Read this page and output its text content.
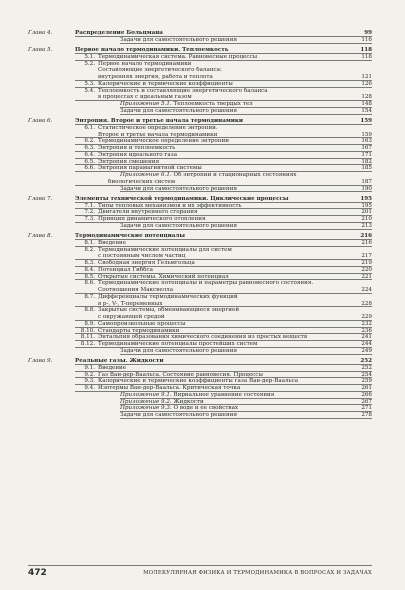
Глава 4.	Распределение Больцмана	99
Задачи для самостоятельного решения	116
Глава 5.	Первое начало термодинамики. Теплоемкость	118
5.1. Термодинамическая система. Равновесные процессы	118
5.2. Первое начало термодинамики
Составляющие энергетического баланса:
внутренняя энергия, работа и теплота	121
5.3. Калорические и термические коэффициенты	126
5.4. Теплоемкость и составляющие энергетического баланса
в процессах с идеальным газом	128
Приложение 5.1. Теплоемкость твердых тел	148
Задачи для самостоятельного решения	154
Глава 6.	Энтропия. Второе и третье начала термодинамики	159
6.1. Статистическое определение энтропии.
Второе и третье начала термодинамики	159
6.2. Термодинамическое определение энтропии	163
6.3. Энтропия и теплоемкость	167
6.4. Энтропия идеального газа	171
6.5. Энтропия смешения	182
6.6. Энтропия парамагнитной системы	185
Приложение 6.1. Об энтропии и стационарных состояниях
биологических систем	187
Задачи для самостоятельного решения	190
Глава 7.	Элементы технической термодинамики. Циклические процессы	195
7.1. Типы тепловых механизмов и их эффективность	195
7.2. Двигатели внутреннего сгорания	201
7.3. Принцип динамического отопления	210
Задачи для самостоятельного решения	213
Глава 8.	Термодинамические потенциалы	216
8.1. Введение	216
8.2. Термодинамические потенциалы для систем
с постоянным числом частиц	217
8.3. Свободная энергия Гельмгольца	219
8.4. Потенциал Гиббса	220
8.5. Открытые системы. Химический потенциал	221
8.6. Термодинамические потенциалы и параметры равновесного состояния.
Соотношения Максвелла	224
8.7. Дифференциалы термодинамических функций
в p-, V-, T-переменных	228
8.8. Закрытые системы, обменивающиеся энергией
с окружающей средой	229
8.9. Самопроизвольные процессы	232
8.10. Стандарты термодинамики	236
8.11. Энтальпия образования химического соединения из простых веществ	241
8.12. Термодинамические потенциалы простейших систем	244
Задачи для самостоятельного решения	249
Глава 9.	Реальные газы. Жидкости	252
9.1. Введение	252
9.2. Газ Ван-дер-Ваальса. Состояние равновесия. Процессы	254
9.3. Калорические и термические коэффициенты газа Ван-дер-Ваальса	259
9.4. Изотермы Ван-дер-Ваальса. Критическая точка	261
Приложение 9.1. Вириальное уравнение состояния	266
Приложение 9.2. Жидкости	267
Приложение 9.3. О воде и ее свойствах	271
Задачи для самостоятельного решения	278
472	МОЛЕКУЛЯРНАЯ ФИЗИКА И ТЕРМОДИНАМИКА В ВОПРОСАХ И ЗАДАЧАХ
